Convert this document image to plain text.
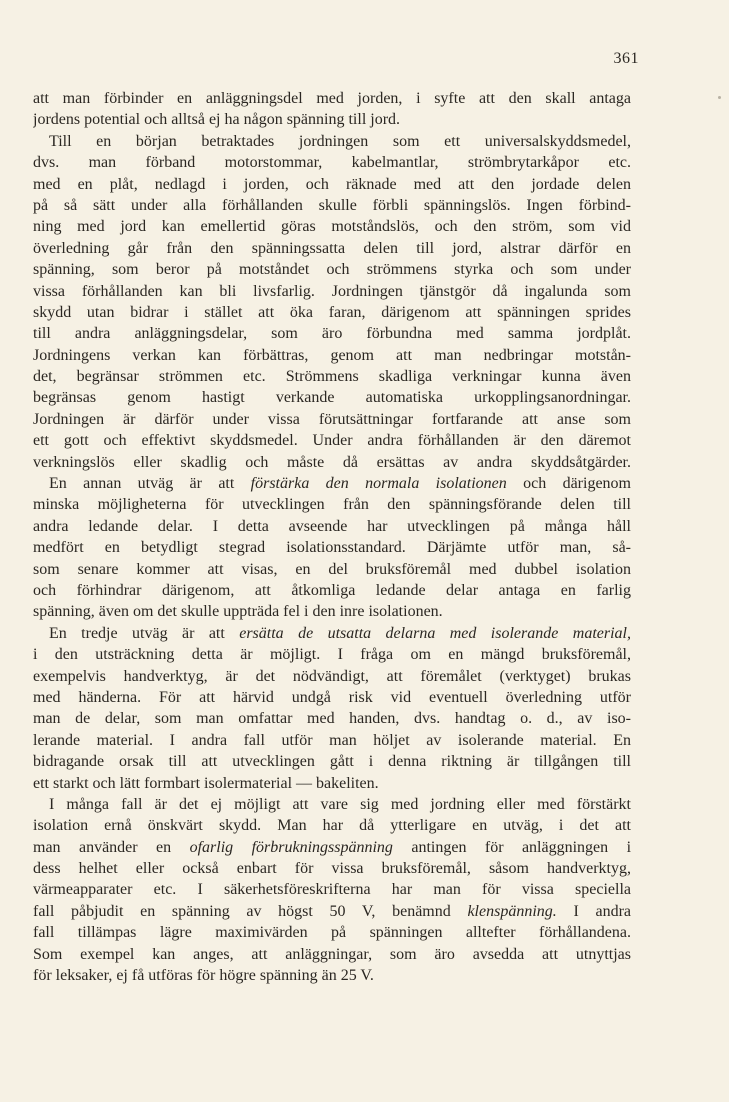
361
att man förbinder en anläggningsdel med jorden, i syfte att den skall antaga
jordens potential och alltså ej ha någon spänning till jord.
Till en början betraktades jordningen som ett universalskyddsmedel,
dvs. man förband motorstommar, kabelmantlar, strömbrytarkåpor etc.
med en plåt, nedlagd i jorden, och räknade med att den jordade delen
på så sätt under alla förhållanden skulle förbli spänningslös. Ingen förbind-
ning med jord kan emellertid göras motståndslös, och den ström, som vid
överledning går från den spänningssatta delen till jord, alstrar därför en
spänning, som beror på motståndet och strömmens styrka och som under
vissa förhållanden kan bli livsfarlig. Jordningen tjänstgör då ingalunda som
skydd utan bidrar i stället att öka faran, därigenom att spänningen sprides
till andra anläggningsdelar, som äro förbundna med samma jordplåt.
Jordningens verkan kan förbättras, genom att man nedbringar motstån-
det, begränsar strömmen etc. Strömmens skadliga verkningar kunna även
begränsas genom hastigt verkande automatiska urkopplingsanordningar.
Jordningen är därför under vissa förutsättningar fortfarande att anse som
ett gott och effektivt skyddsmedel. Under andra förhållanden är den däremot
verkningslös eller skadlig och måste då ersättas av andra skyddsåtgärder.
En annan utväg är att förstärka den normala isolationen och därigenom
minska möjligheterna för utvecklingen från den spänningsförande delen till
andra ledande delar. I detta avseende har utvecklingen på många håll
medfört en betydligt stegrad isolationsstandard. Därjämte utför man, så-
som senare kommer att visas, en del bruksföremål med dubbel isolation
och förhindrar därigenom, att åtkomliga ledande delar antaga en farlig
spänning, även om det skulle uppträda fel i den inre isolationen.
En tredje utväg är att ersätta de utsatta delarna med isolerande material,
i den utsträckning detta är möjligt. I fråga om en mängd bruksföremål,
exempelvis handverktyg, är det nödvändigt, att föremålet (verktyget) brukas
med händerna. För att härvid undgå risk vid eventuell överledning utför
man de delar, som man omfattar med handen, dvs. handtag o. d., av iso-
lerande material. I andra fall utför man höljet av isolerande material. En
bidragande orsak till att utvecklingen gått i denna riktning är tillgången till
ett starkt och lätt formbart isolermaterial — bakeliten.
I många fall är det ej möjligt att vare sig med jordning eller med förstärkt
isolation ernå önskvärt skydd. Man har då ytterligare en utväg, i det att
man använder en ofarlig förbrukningsspänning antingen för anläggningen i
dess helhet eller också enbart för vissa bruksföremål, såsom handverktyg,
värmeapparater etc. I säkerhetsföreskrifterna har man för vissa speciella
fall påbjudit en spänning av högst 50 V, benämnd klenspänning. I andra
fall tillämpas lägre maximivärden på spänningen alltefter förhållandena.
Som exempel kan anges, att anläggningar, som äro avsedda att utnyttjas
för leksaker, ej få utföras för högre spänning än 25 V.
